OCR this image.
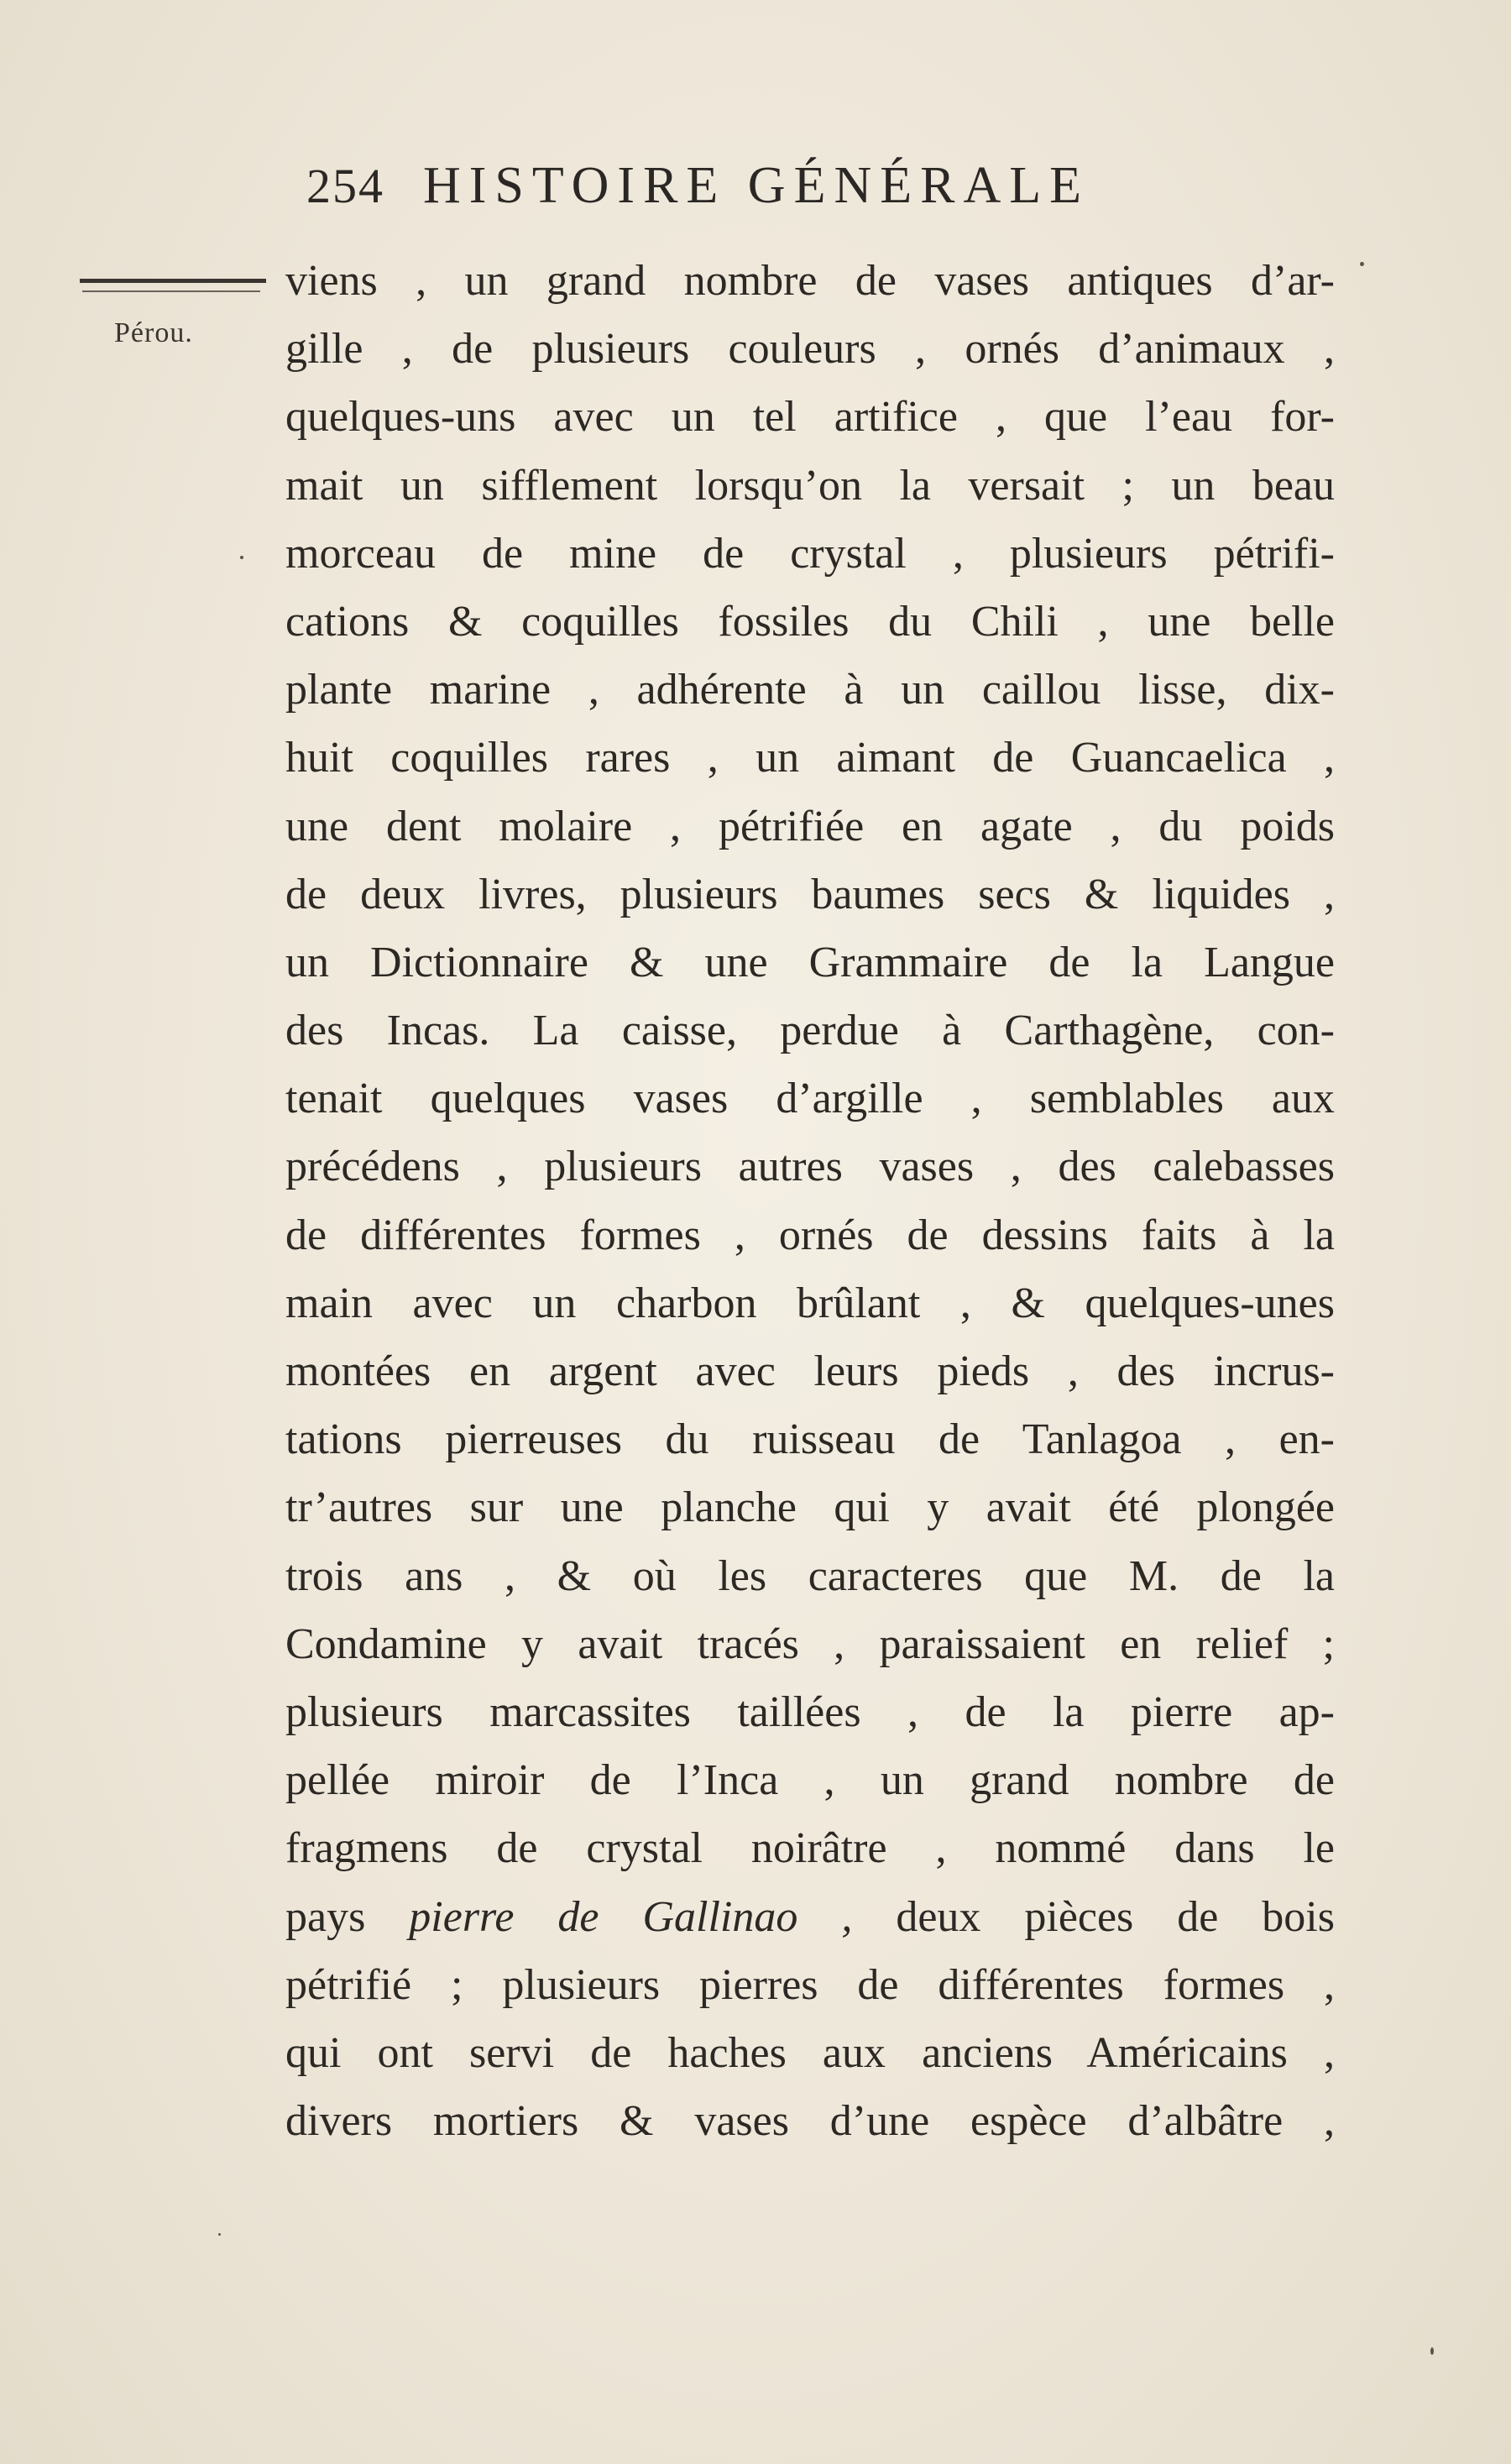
254 HISTOIRE GÉNÉRALE
Pérou.
viens , un grand nombre de vases antiques d’ar-
gille , de plusieurs couleurs , ornés d’animaux ,
quelques-uns avec un tel artifice , que l’eau for-
mait un sifflement lorsqu’on la versait ; un beau
morceau de mine de crystal , plusieurs pétrifi-
cations & coquilles fossiles du Chili , une belle
plante marine , adhérente à un caillou lisse, dix-
huit coquilles rares , un aimant de Guancaelica ,
une dent molaire , pétrifiée en agate , du poids
de deux livres, plusieurs baumes secs & liquides ,
un Dictionnaire & une Grammaire de la Langue
des Incas. La caisse, perdue à Carthagène, con-
tenait quelques vases d’argille , semblables aux
précédens , plusieurs autres vases , des calebasses
de différentes formes , ornés de dessins faits à la
main avec un charbon brûlant , & quelques-unes
montées en argent avec leurs pieds , des incrus-
tations pierreuses du ruisseau de Tanlagoa , en-
tr’autres sur une planche qui y avait été plongée
trois ans , & où les caracteres que M. de la
Condamine y avait tracés , paraissaient en relief ;
plusieurs marcassites taillées , de la pierre ap-
pellée miroir de l’Inca , un grand nombre de
fragmens de crystal noirâtre , nommé dans le
pays pierre de Gallinao , deux pièces de bois
pétrifié ; plusieurs pierres de différentes formes ,
qui ont servi de haches aux anciens Américains ,
divers mortiers & vases d’une espèce d’albâtre ,
